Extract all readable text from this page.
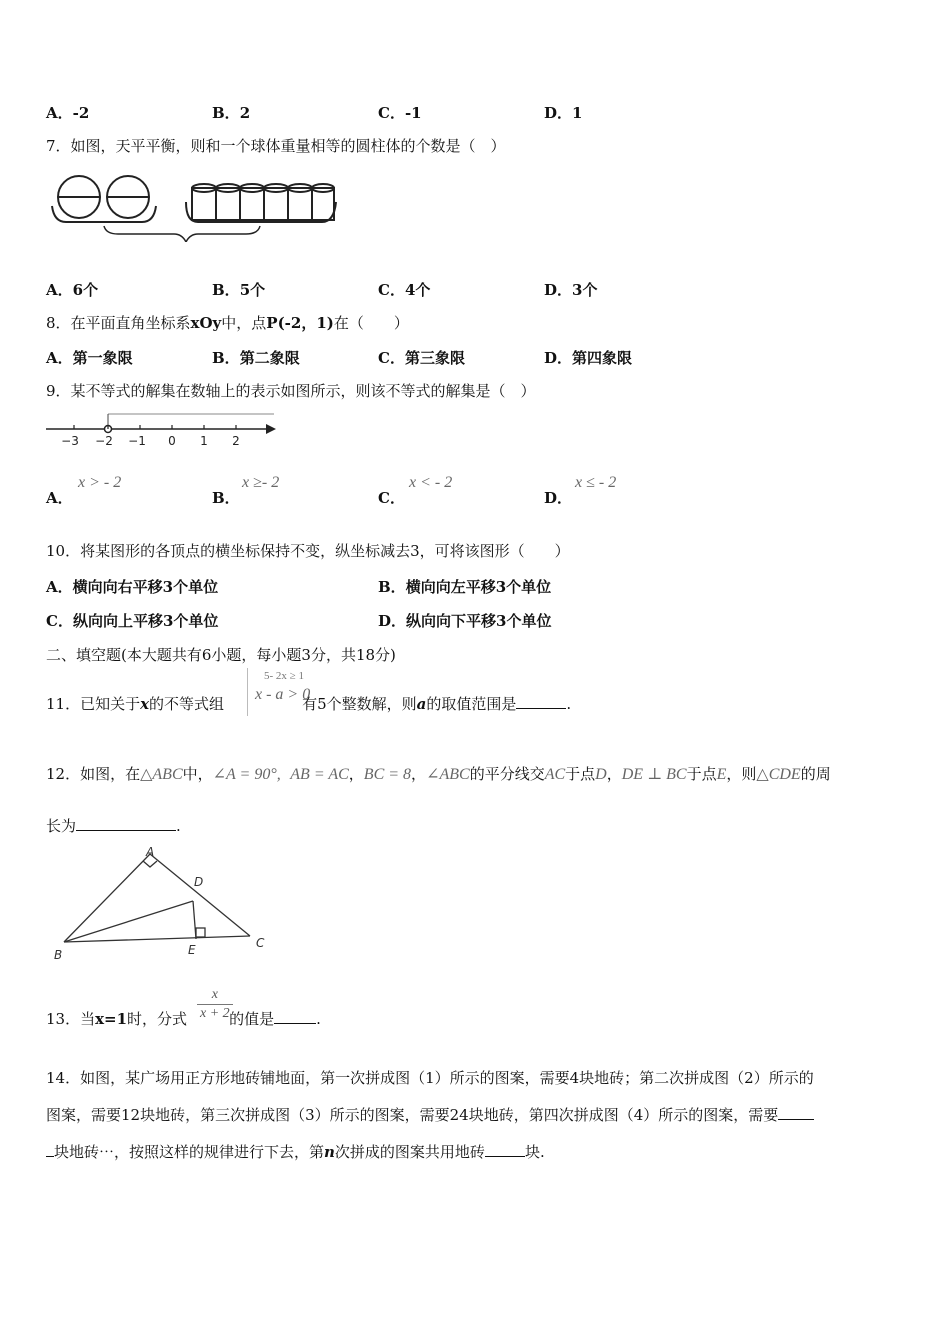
A．-2	B．2	C．-1	D．1
7．如图，天平平衡，则和一个球体重量相等的圆柱体的个数是（　）
A．6个	B．5个	C．4个	D．3个
8．在平面直角坐标系xOy中，点P(-2，1)在（　　）
A．第一象限	B．第二象限	C．第三象限	D．第四象限
9．某不等式的解集在数轴上的表示如图所示，则该不等式的解集是（　）
−3 −2 −1 0 1 2
A．
x > - 2
B．
x ≥- 2
C．
x < - 2
D．
x ≤ - 2
10．将某图形的各顶点的横坐标保持不变，纵坐标减去3，可将该图形（　　）
A．横向向右平移3个单位	B．横向向左平移3个单位
C．纵向向上平移3个单位	D．纵向向下平移3个单位
二、填空题(本大题共有6小题，每小题3分，共18分)
11．已知关于x的不等式组	有5个整数解，则a的取值范围是	.
5- 2x ≥ 1
x - a > 0
12．如图，在△ABC中，∠A = 90°, AB = AC，BC = 8，∠ABC的平分线交AC于点D，DE ⊥ BC于点E，则△CDE的周
长为	.
A
D
B	E	C
13．当x=1时，分式	的值是	.
$\frac{x}{x + 2}$
14．如图，某广场用正方形地砖铺地面，第一次拼成图（1）所示的图案，需要4块地砖；第二次拼成图（2）所示的
图案，需要12块地砖，第三次拼成图（3）所示的图案，需要24块地砖，第四次拼成图（4）所示的图案，需要
块地砖⋯，按照这样的规律进行下去，第n次拼成的图案共用地砖	块.
